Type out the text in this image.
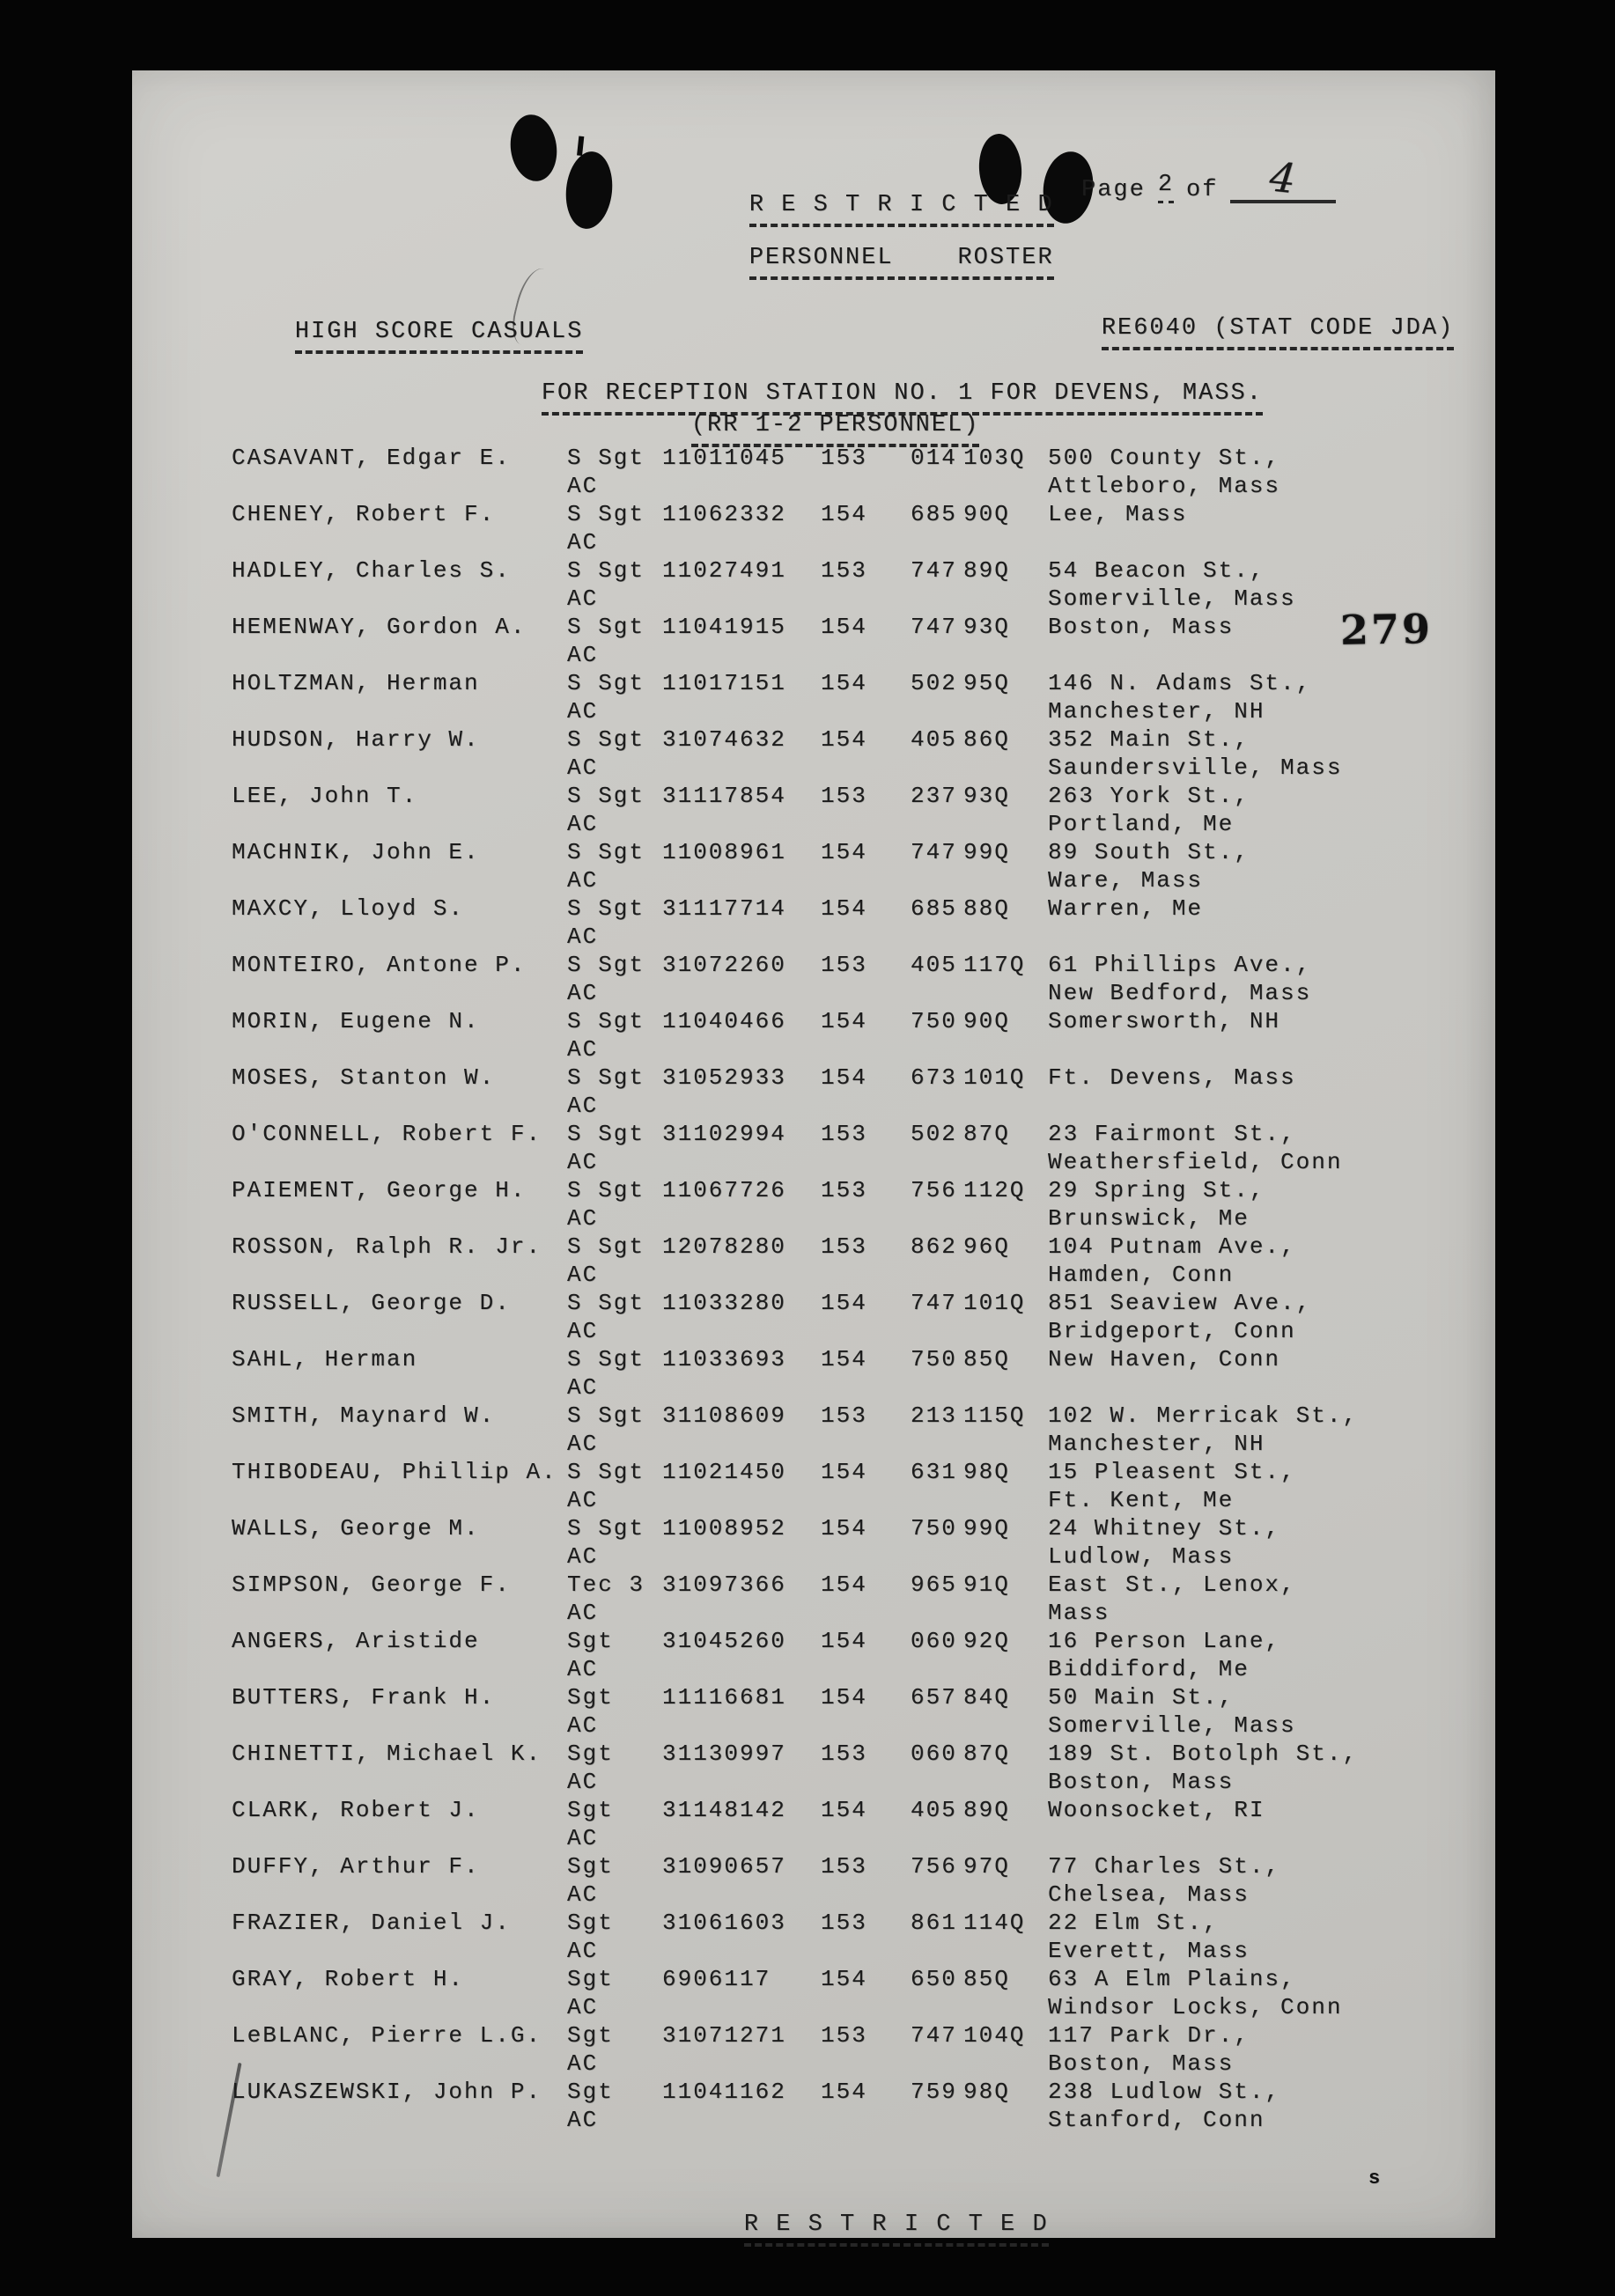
R E S T R I C T E D

Page 2 of	4

PERSONNEL    ROSTER

HIGH SCORE CASUALS
	RE6040 (STAT CODE JDA)

FOR RECEPTION STATION NO. 1 FOR DEVENS, MASS.

(RR 1-2 PERSONNEL)

279
CASAVANT, Edgar E. S Sgt 11011045 153 014 103Q 500 County St.,
AC	Attleboro, Mass
CHENEY, Robert F.	S Sgt 11062332 154 685 90Q Lee, Mass
AC
HADLEY, Charles S. S Sgt 11027491 153 747 89Q 54 Beacon St.,
AC	Somerville, Mass
HEMENWAY, Gordon A. S Sgt 11041915 154 747 93Q Boston, Mass
AC
HOLTZMAN, Herman	S Sgt 11017151 154 502 95Q 146 N. Adams St.,
AC	Manchester, NH
HUDSON, Harry W.	S Sgt 31074632 154 405 86Q 352 Main St.,
AC	Saundersville, Mass
LEE, John T.	S Sgt 31117854 153 237 93Q 263 York St.,
AC	Portland, Me
MACHNIK, John E.	S Sgt 11008961 154 747 99Q 89 South St.,
AC	Ware, Mass
MAXCY, Lloyd S.	S Sgt 31117714 154 685 88Q Warren, Me
AC
MONTEIRO, Antone P. S Sgt 31072260 153 405 117Q 61 Phillips Ave.,
AC	New Bedford, Mass
MORIN, Eugene N.	S Sgt 11040466 154 750 90Q Somersworth, NH
AC
MOSES, Stanton W.	S Sgt 31052933 154 673 101Q Ft. Devens, Mass
AC
O'CONNELL, Robert F. S Sgt 31102994 153 502 87Q 23 Fairmont St.,
AC	Weathersfield, Conn
PAIEMENT, George H. S Sgt 11067726 153 756 112Q 29 Spring St.,
AC	Brunswick, Me
ROSSON, Ralph R. Jr. S Sgt 12078280 153 862 96Q 104 Putnam Ave.,
AC	Hamden, Conn
RUSSELL, George D. S Sgt 11033280 154 747 101Q 851 Seaview Ave.,
AC	Bridgeport, Conn
SAHL, Herman	S Sgt 11033693 154 750 85Q New Haven, Conn
AC
SMITH, Maynard W.	S Sgt 31108609 153 213 115Q 102 W. Merricak St.,
AC	Manchester, NH
THIBODEAU, Phillip A. S Sgt 11021450 154 631 98Q 15 Pleasent St.,
AC	Ft. Kent, Me
WALLS, George M.	S Sgt 11008952 154 750 99Q 24 Whitney St.,
AC	Ludlow, Mass
SIMPSON, George F. Tec 3 31097366 154 965 91Q East St., Lenox,
AC	Mass
ANGERS, Aristide	Sgt 31045260 154 060 92Q 16 Person Lane,
AC	Biddiford, Me
BUTTERS, Frank H.	Sgt 11116681 154 657 84Q 50 Main St.,
AC	Somerville, Mass
CHINETTI, Michael K. Sgt 31130997 153 060 87Q 189 St. Botolph St.,
AC	Boston, Mass
CLARK, Robert J.	Sgt 31148142 154 405 89Q Woonsocket, RI
AC
DUFFY, Arthur F.	Sgt 31090657 153 756 97Q 77 Charles St.,
AC	Chelsea, Mass
FRAZIER, Daniel J. Sgt 31061603 153 861 114Q 22 Elm St.,
AC	Everett, Mass
GRAY, Robert H.	Sgt 6906117 154 650 85Q 63 A Elm Plains,
AC	Windsor Locks, Conn
LeBLANC, Pierre L.G. Sgt 31071271 153 747 104Q 117 Park Dr.,
AC	Boston, Mass
LUKASZEWSKI, John P. Sgt 11041162 154 759 98Q 238 Ludlow St.,
AC	Stanford, Conn

R E S T R I C T E D

s
